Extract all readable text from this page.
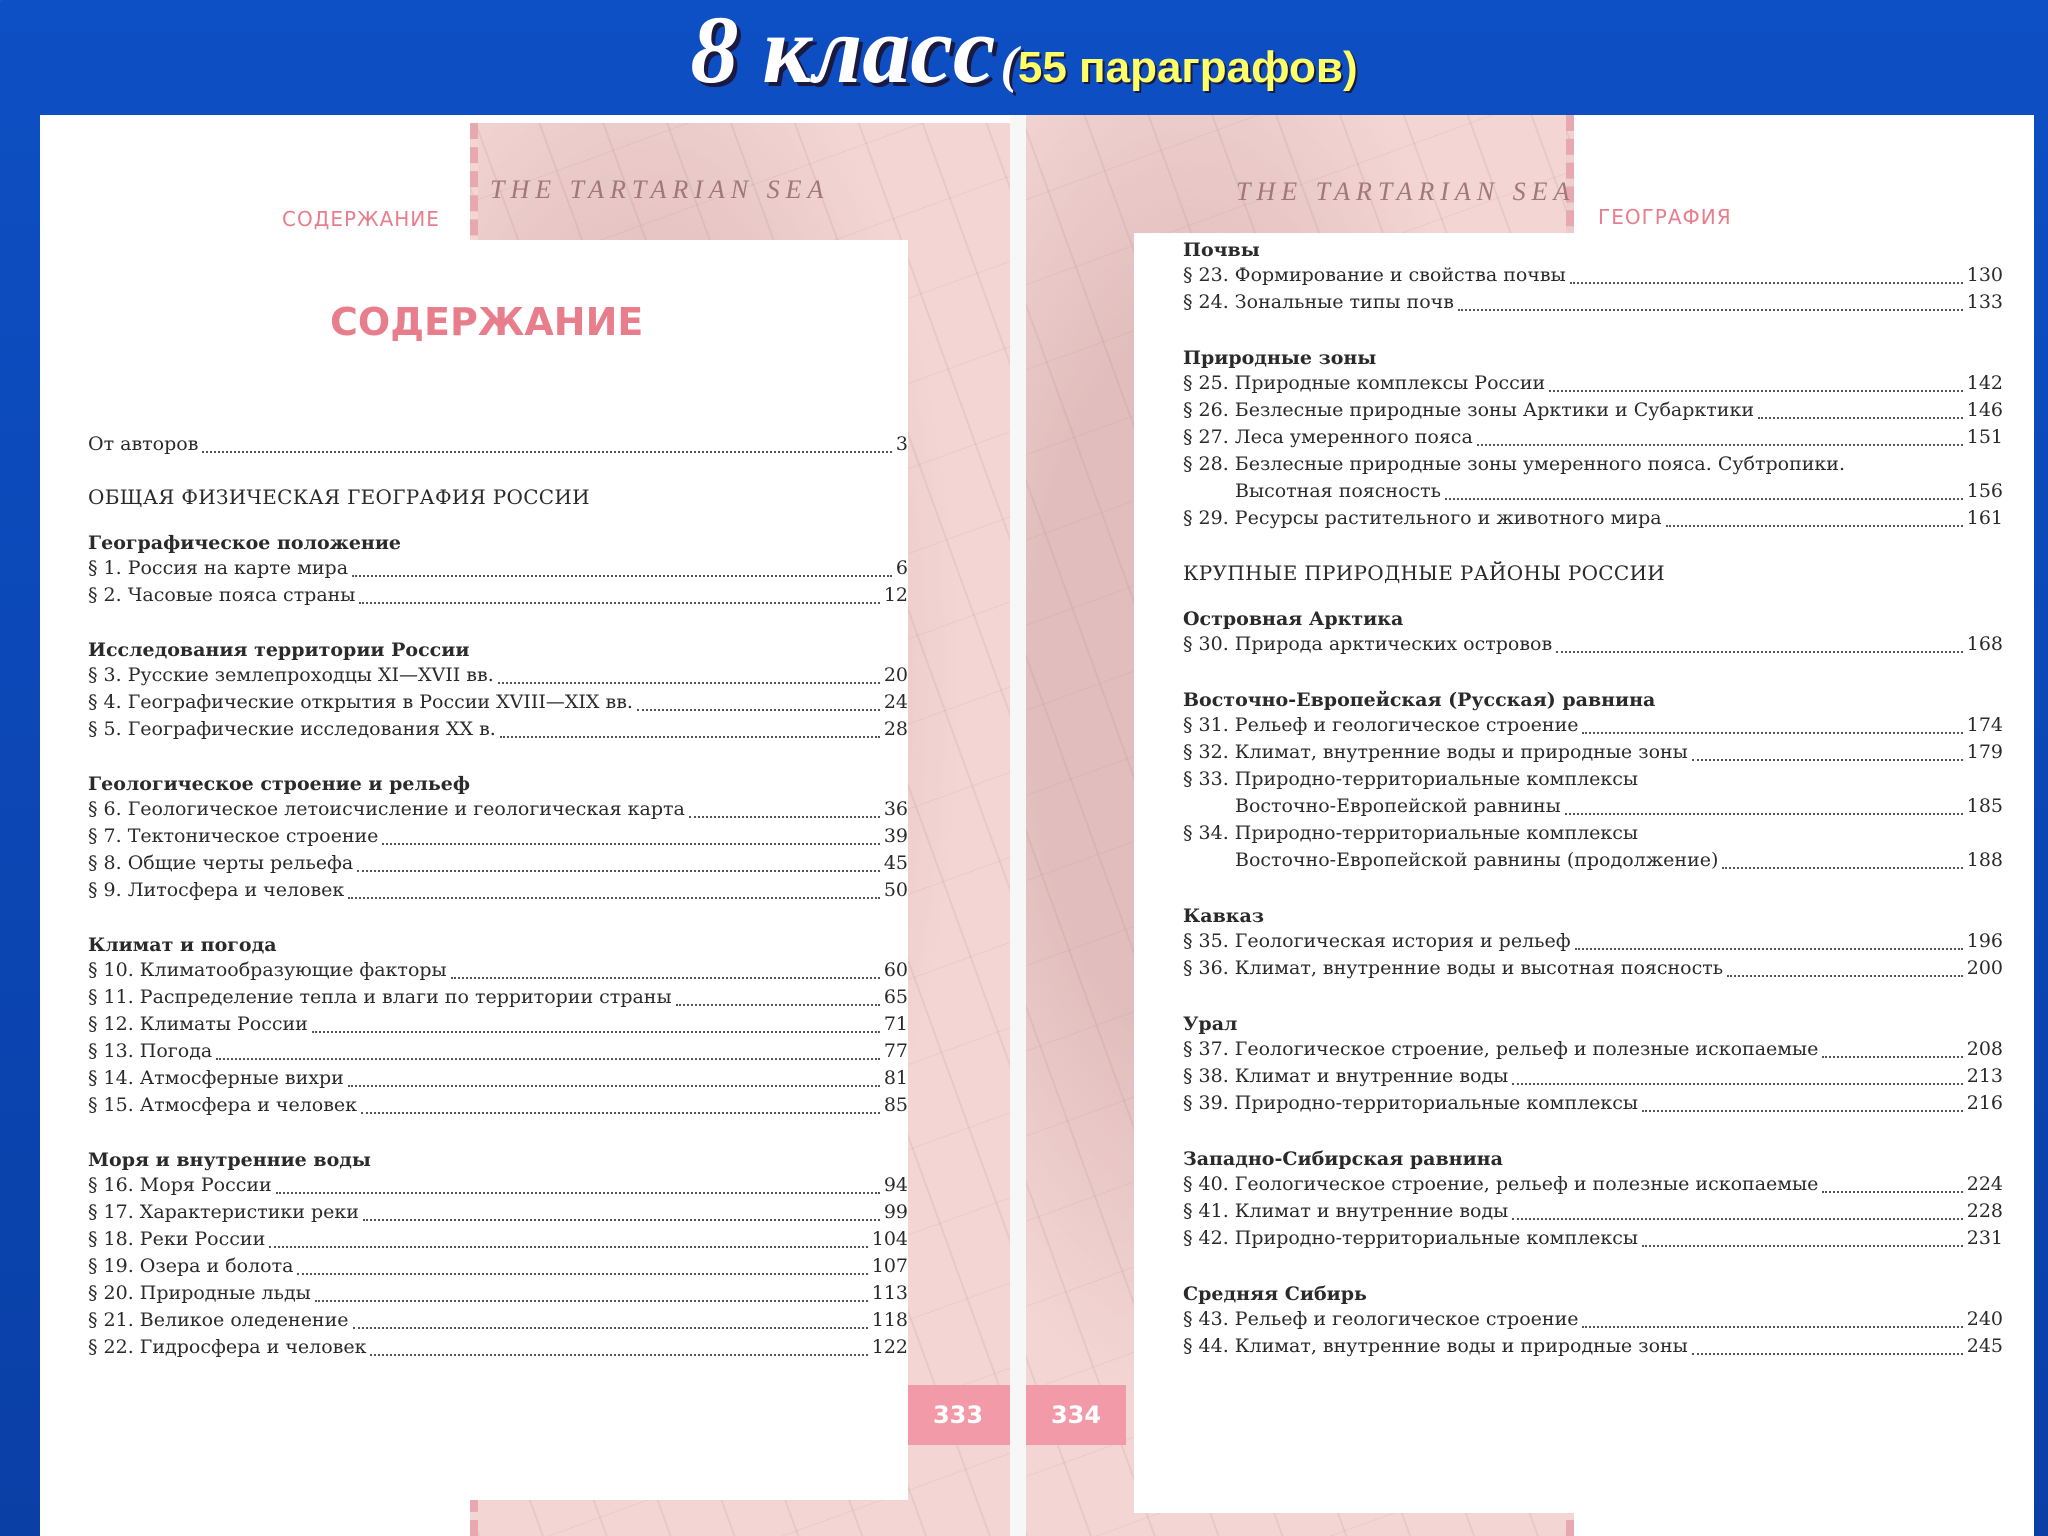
8 класс (55 параграфов)
THE TARTARIAN SEA
СОДЕРЖАНИЕ
333
THE TARTARIAN SEA
ГЕОГРАФИЯ
334
СОДЕРЖАНИЕ
От авторов	3
ОБЩАЯ ФИЗИЧЕСКАЯ ГЕОГРАФИЯ РОССИИ
Географическое положение
§ 1. Россия на карте мира	6
§ 2. Часовые пояса страны	12
Исследования территории России
§ 3. Русские землепроходцы XI—XVII вв.	20
§ 4. Географические открытия в России XVIII—XIX вв.	24
§ 5. Географические исследования XX в.	28
Геологическое строение и рельеф
§ 6. Геологическое летоисчисление и геологическая карта	36
§ 7. Тектоническое строение	39
§ 8. Общие черты рельефа	45
§ 9. Литосфера и человек	50
Климат и погода
§ 10. Климатообразующие факторы	60
§ 11. Распределение тепла и влаги по территории страны	65
§ 12. Климаты России	71
§ 13. Погода	77
§ 14. Атмосферные вихри	81
§ 15. Атмосфера и человек	85
Моря и внутренние воды
§ 16. Моря России	94
§ 17. Характеристики реки	99
§ 18. Реки России	104
§ 19. Озера и болота	107
§ 20. Природные льды	113
§ 21. Великое оледенение	118
§ 22. Гидросфера и человек	122
Почвы
§ 23. Формирование и свойства почвы	130
§ 24. Зональные типы почв	133
Природные зоны
§ 25. Природные комплексы России	142
§ 26. Безлесные природные зоны Арктики и Субарктики	146
§ 27. Леса умеренного пояса	151
§ 28. Безлесные природные зоны умеренного пояса. Субтропики.
Высотная поясность	156
§ 29. Ресурсы растительного и животного мира	161
КРУПНЫЕ ПРИРОДНЫЕ РАЙОНЫ РОССИИ
Островная Арктика
§ 30. Природа арктических островов	168
Восточно-Европейская (Русская) равнина
§ 31. Рельеф и геологическое строение	174
§ 32. Климат, внутренние воды и природные зоны	179
§ 33. Природно-территориальные комплексы
Восточно-Европейской равнины	185
§ 34. Природно-территориальные комплексы
Восточно-Европейской равнины (продолжение)	188
Кавказ
§ 35. Геологическая история и рельеф	196
§ 36. Климат, внутренние воды и высотная поясность	200
Урал
§ 37. Геологическое строение, рельеф и полезные ископаемые	208
§ 38. Климат и внутренние воды	213
§ 39. Природно-территориальные комплексы	216
Западно-Сибирская равнина
§ 40. Геологическое строение, рельеф и полезные ископаемые	224
§ 41. Климат и внутренние воды	228
§ 42. Природно-территориальные комплексы	231
Средняя Сибирь
§ 43. Рельеф и геологическое строение	240
§ 44. Климат, внутренние воды и природные зоны	245
